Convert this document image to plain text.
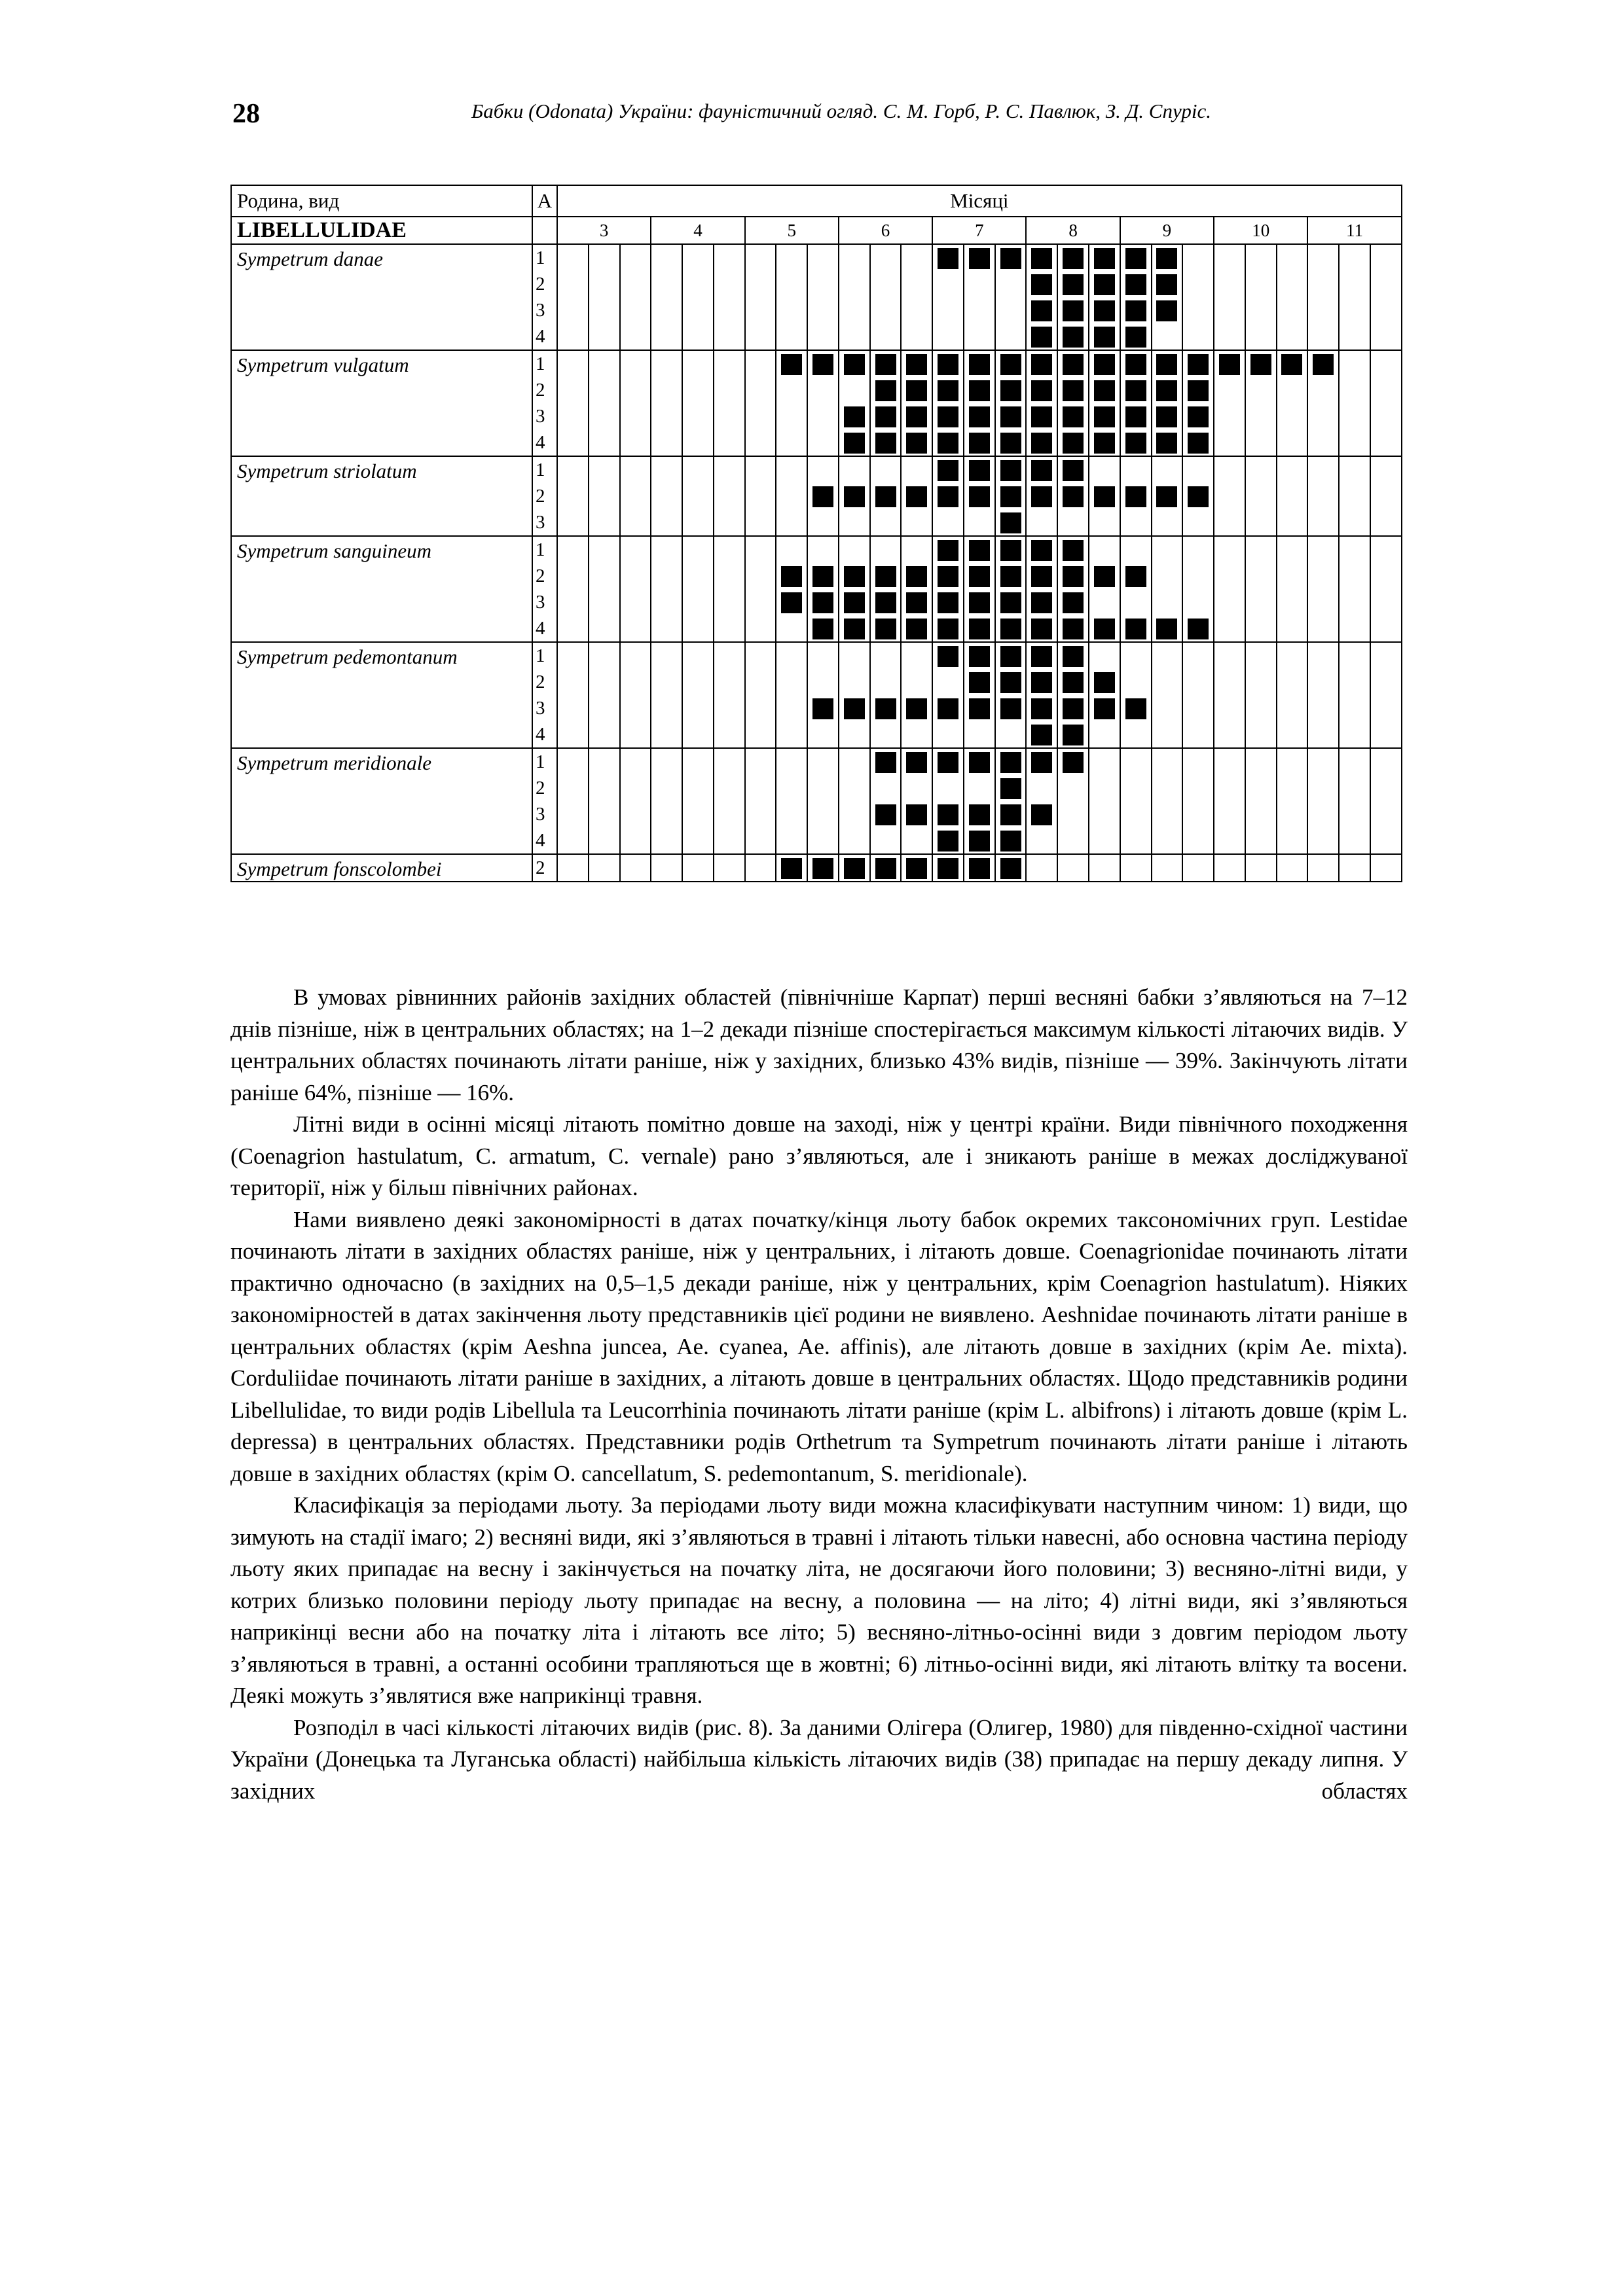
28	Бабки (Odonata) України: фауністичний огляд. С. М. Горб, Р. С. Павлюк, З. Д. Спуріс.
Родина, вид	А	Місяці																										
LIBELLULIDAE		3			4			5			6			7			8			9			10			11		
Sympetrum danae	1
2
3
4																											

Sympetrum vulgatum	1
2
3
4																											

Sympetrum striolatum	1
2
3																											

Sympetrum sanguineum	1
2
3
4																											

Sympetrum pedemontanum	1
2
3
4																											

Sympetrum meridionale	1
2
3
4																											

Sympetrum fonscolombei	2																											

В умовах рівнинних районів західних областей (північніше Карпат) перші весняні бабки з’являються на 7–12 днів пізніше, ніж в центральних областях; на 1–2 декади пізніше спостерігається максимум кількості літаючих видів. У центральних областях починають літати раніше, ніж у західних, близько 43% видів, пізніше — 39%. Закінчують літати раніше 64%, пізніше — 16%.

Літні види в осінні місяці літають помітно довше на заході, ніж у центрі країни. Види північного походження (Coenagrion hastulatum, C. armatum, C. vernale) рано з’являються, але і зникають раніше в межах досліджуваної території, ніж у більш північних районах.

Нами виявлено деякі закономірності в датах початку/кінця льоту бабок окремих таксономічних груп. Lestidae починають літати в західних областях раніше, ніж у центральних, і літають довше. Coenagrionidae починають літати практично одночасно (в західних на 0,5–1,5 декади раніше, ніж у центральних, крім Coenagrion hastulatum). Ніяких закономірностей в датах закінчення льоту представників цієї родини не виявлено. Aeshnidae починають літати раніше в центральних областях (крім Aeshna juncea, Ae. cyanea, Ae. affinis), але літають довше в західних (крім Ae. mixta). Corduliidae починають літати раніше в західних, а літають довше в центральних областях. Щодо представників родини Libellulidae, то види родів Libellula та Leucorrhinia починають літати раніше (крім L. albifrons) і літають довше (крім L. depressa) в центральних областях. Представники родів Orthetrum та Sympetrum починають літати раніше і літають довше в західних областях (крім O. cancellatum, S. pedemontanum, S. meridionale).

Класифікація за періодами льоту. За періодами льоту види можна класифікувати наступним чином: 1) види, що зимують на стадії імаго; 2) весняні види, які з’являються в травні і літають тільки навесні, або основна частина періоду льоту яких припадає на весну і закінчується на початку літа, не досягаючи його половини; 3) весняно-літні види, у котрих близько половини періоду льоту припадає на весну, а половина — на літо; 4) літні види, які з’являються наприкінці весни або на початку літа і літають все літо; 5) весняно-літньо-осінні види з довгим періодом льоту з’являються в травні, а останні особини трапляються ще в жовтні; 6) літньо-осінні види, які літають влітку та восени. Деякі можуть з’являтися вже наприкінці травня.

Розподіл в часі кількості літаючих видів (рис. 8). За даними Олігера (Олигер, 1980) для південно-східної частини України (Донецька та Луганська області) найбільша кількість літаючих видів (38) припадає на першу декаду липня. У західних областях
